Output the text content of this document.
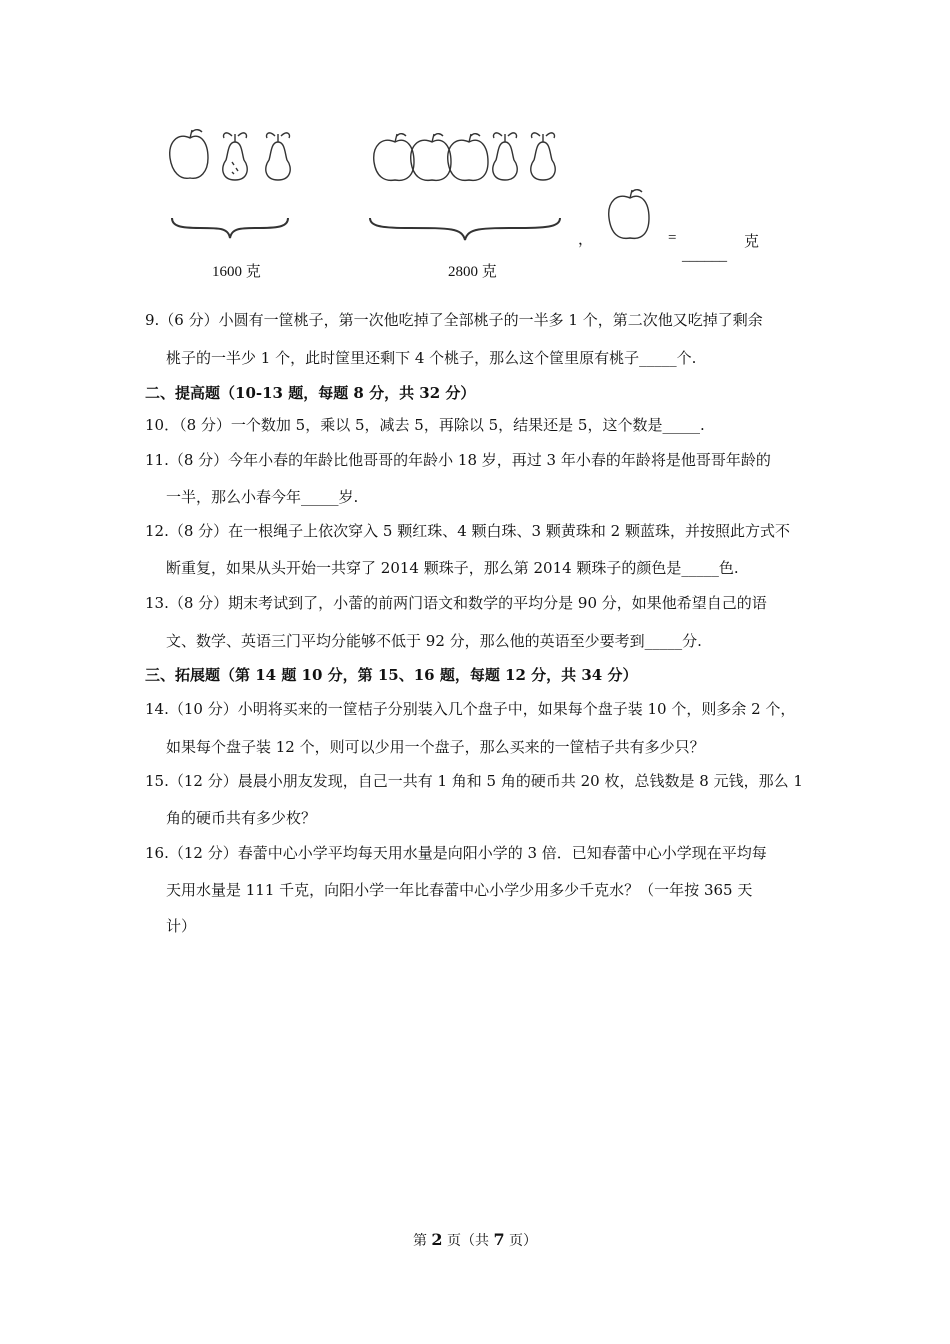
1600 克	2800 克
，	=
______
克
9.（6 分）小圆有一筐桃子，第一次他吃掉了全部桃子的一半多 1 个，第二次他又吃掉了剩余
桃子的一半少 1 个，此时筐里还剩下 4 个桃子，那么这个筐里原有桃子_____个.
二、提高题（10-13 题，每题 8 分，共 32 分）
10．（8 分）一个数加 5，乘以 5，减去 5，再除以 5，结果还是 5，这个数是_____.
11.（8 分）今年小春的年龄比他哥哥的年龄小 18 岁，再过 3 年小春的年龄将是他哥哥年龄的
一半，那么小春今年_____岁.
12.（8 分）在一根绳子上依次穿入 5 颗红珠、4 颗白珠、3 颗黄珠和 2 颗蓝珠，并按照此方式不
断重复，如果从头开始一共穿了 2014 颗珠子，那么第 2014 颗珠子的颜色是_____色.
13.（8 分）期末考试到了，小蕾的前两门语文和数学的平均分是 90 分，如果他希望自己的语
文、数学、英语三门平均分能够不低于 92 分，那么他的英语至少要考到_____分.
三、拓展题（第 14 题 10 分，第 15、16 题，每题 12 分，共 34 分）
14.（10 分）小明将买来的一筐桔子分别装入几个盘子中，如果每个盘子装 10 个，则多余 2 个，
如果每个盘子装 12 个，则可以少用一个盘子，那么买来的一筐桔子共有多少只？
15.（12 分）晨晨小朋友发现，自己一共有 1 角和 5 角的硬币共 20 枚，总钱数是 8 元钱，那么 1
角的硬币共有多少枚？
16.（12 分）春蕾中心小学平均每天用水量是向阳小学的 3 倍．已知春蕾中心小学现在平均每
天用水量是 111 千克，向阳小学一年比春蕾中心小学少用多少千克水？（一年按 365 天
计）
第 2 页（共 7 页）
